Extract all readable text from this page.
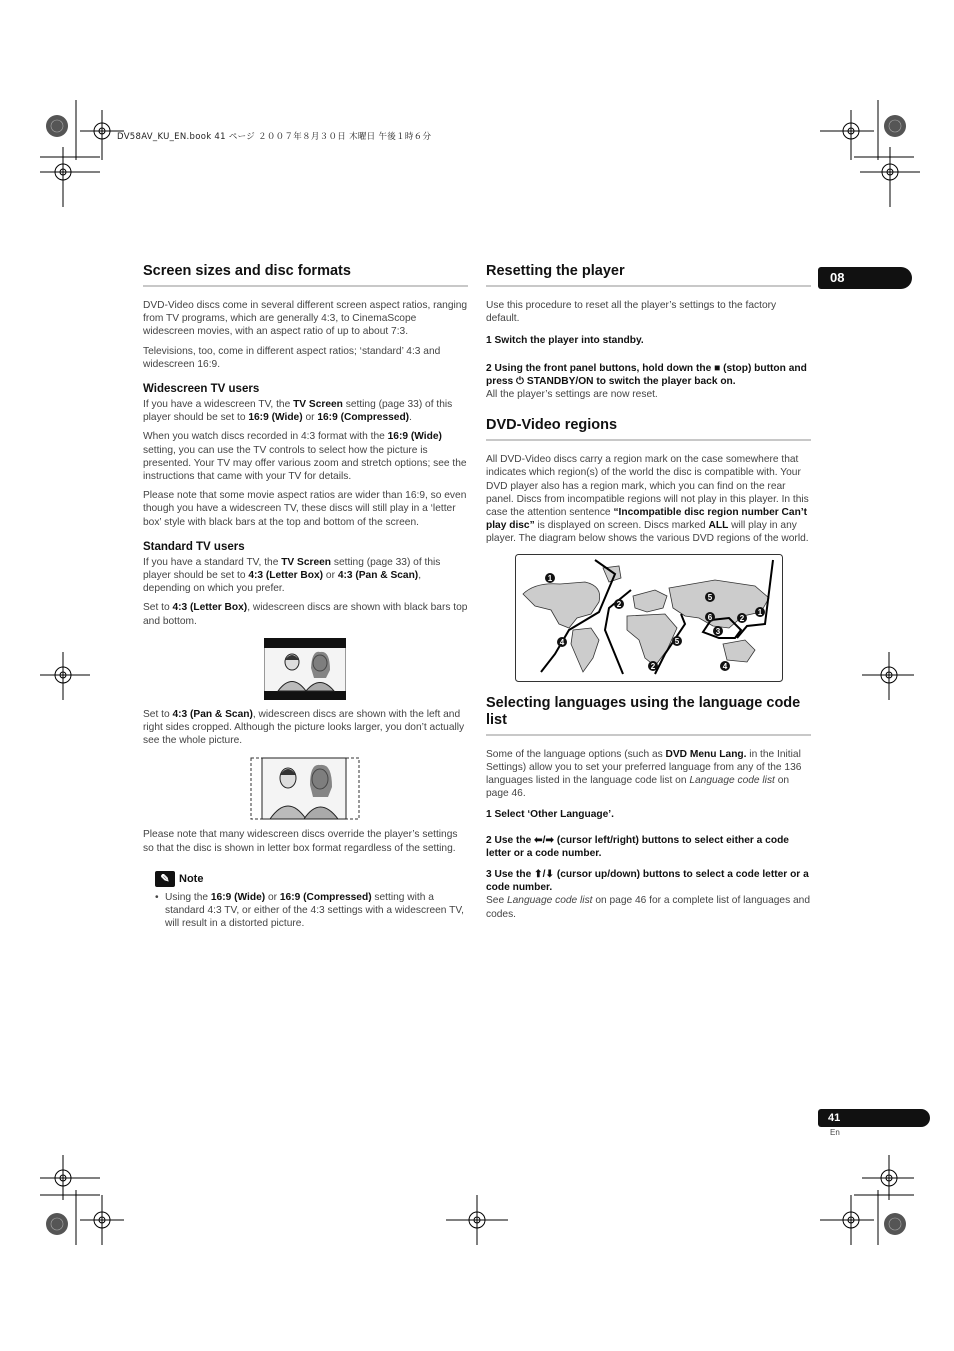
DV58AV_KU_EN.book 41 ページ ２００７年８月３０日 木曜日 午後１時６分
08
41
En
Screen sizes and disc formats

DVD-Video discs come in several different screen aspect ratios, ranging from TV programs, which are generally 4:3, to CinemaScope widescreen movies, with an aspect ratio of up to about 7:3.

Televisions, too, come in different aspect ratios; ‘standard’ 4:3 and widescreen 16:9.

Widescreen TV users

If you have a widescreen TV, the TV Screen setting (page 33) of this player should be set to 16:9 (Wide) or 16:9 (Compressed).

When you watch discs recorded in 4:3 format with the 16:9 (Wide) setting, you can use the TV controls to select how the picture is presented. Your TV may offer various zoom and stretch options; see the instructions that came with your TV for details.

Please note that some movie aspect ratios are wider than 16:9, so even though you have a widescreen TV, these discs will still play in a ‘letter box’ style with black bars at the top and bottom of the screen.

Standard TV users

If you have a standard TV, the TV Screen setting (page 33) of this player should be set to 4:3 (Letter Box) or 4:3 (Pan & Scan), depending on which you prefer.

Set to 4:3 (Letter Box), widescreen discs are shown with black bars top and bottom.

Set to 4:3 (Pan & Scan), widescreen discs are shown with the left and right sides cropped. Although the picture looks larger, you don’t actually see the whole picture.

Please note that many widescreen discs override the player’s settings so that the disc is shown in letter box format regardless of the setting.

✎ Note
• Using the 16:9 (Wide) or 16:9 (Compressed) setting with a standard 4:3 TV, or either of the 4:3 settings with a widescreen TV, will result in a distorted picture.
Resetting the player

Use this procedure to reset all the player’s settings to the factory default.

1 Switch the player into standby.

2 Using the front panel buttons, hold down the ■ (stop) button and press ⏻ STANDBY/ON to switch the player back on.

All the player’s settings are now reset.

DVD-Video regions

All DVD-Video discs carry a region mark on the case somewhere that indicates which region(s) of the world the disc is compatible with. Your DVD player also has a region mark, which you can find on the rear panel. Discs from incompatible regions will not play in this player. In this case the attention sentence “Incompatible disc region number Can’t play disc” is displayed on screen. Discs marked ALL will play in any player. The diagram below shows the various DVD regions of the world.

1
2
4
2
5
5
6
3
2
1
4
Selecting languages using the language code list

Some of the language options (such as DVD Menu Lang. in the Initial Settings) allow you to set your preferred language from any of the 136 languages listed in the language code list on Language code list on page 46.

1 Select ‘Other Language’.

2 Use the ⬅/➡ (cursor left/right) buttons to select either a code letter or a code number.

3 Use the ⬆/⬇ (cursor up/down) buttons to select a code letter or a code number.

See Language code list on page 46 for a complete list of languages and codes.
